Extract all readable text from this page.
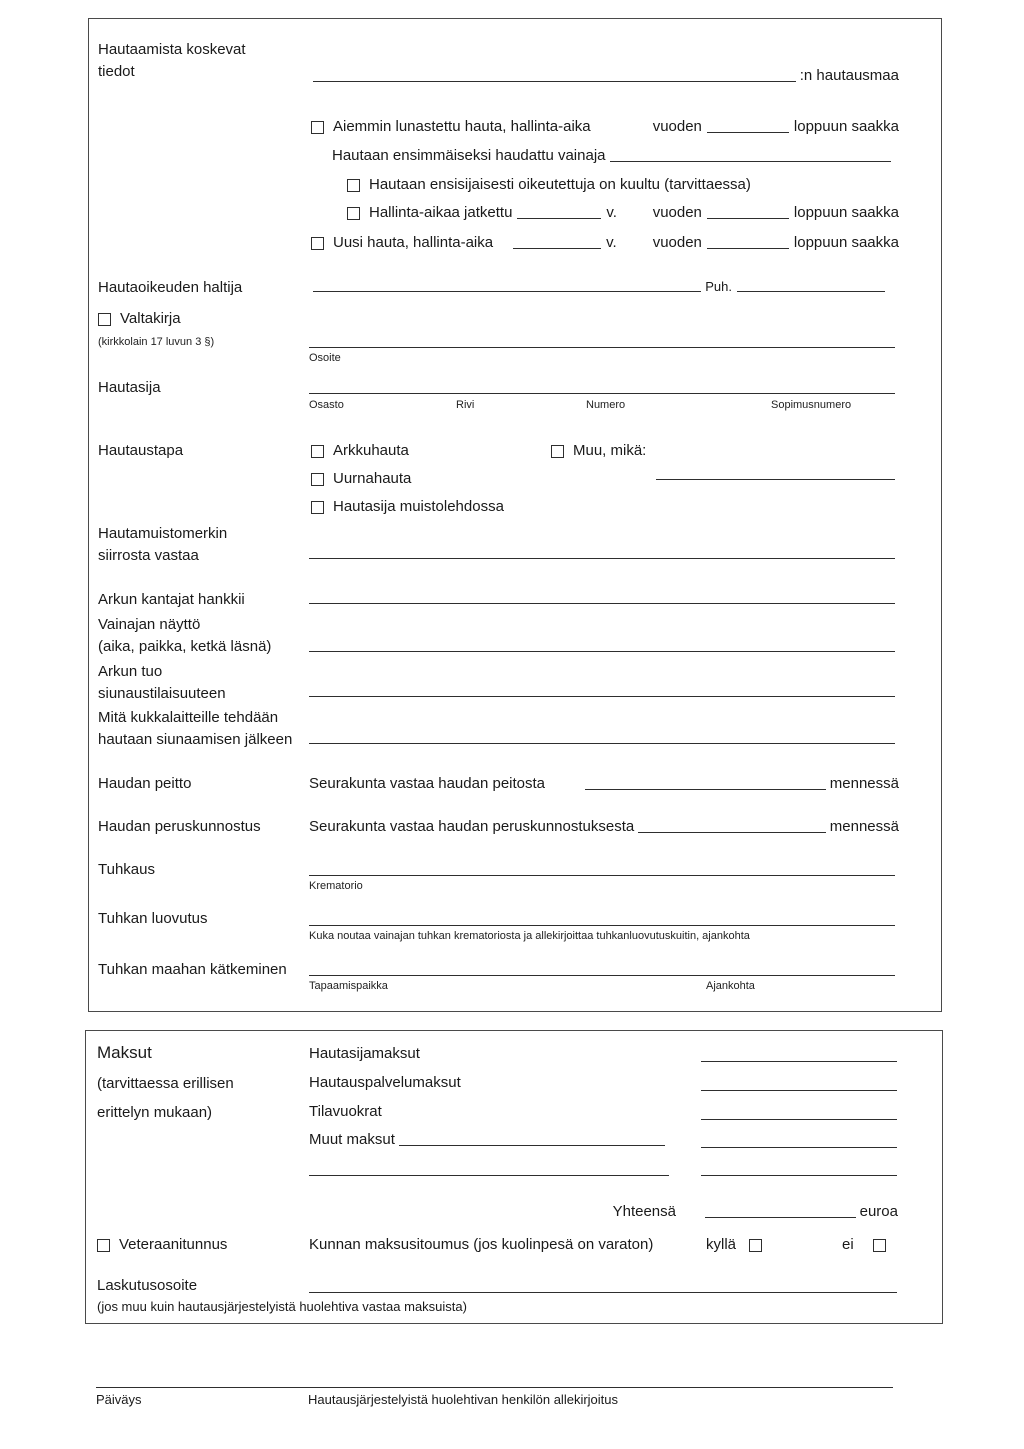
Hautaamista koskevat
tiedot	:n hautausmaa
Aiemmin lunastettu hauta, hallinta-aika	vuoden	loppuun saakka
Hautaan ensimmäiseksi haudattu vainaja
Hautaan ensisijaisesti oikeutettuja on kuultu (tarvittaessa)
Hallinta-aikaa jatkettu	v. vuoden	loppuun saakka
Uusi hauta, hallinta-aika	v. vuoden	loppuun saakka
Hautaoikeuden haltija	Puh.
Valtakirja
(kirkkolain 17 luvun 3 §)
Osoite
Hautasija
Osasto	Rivi	Numero	Sopimusnumero
Hautaustapa	Arkkuhauta	Muu, mikä:
Uurnahauta
Hautasija muistolehdossa
Hautamuistomerkin
siirrosta vastaa
Arkun kantajat hankkii
Vainajan näyttö
(aika, paikka, ketkä läsnä)
Arkun tuo
siunaustilaisuuteen
Mitä kukkalaitteille tehdään
hautaan siunaamisen jälkeen
Haudan peitto	Seurakunta vastaa haudan peitosta	mennessä
Haudan peruskunnostus	Seurakunta vastaa haudan peruskunnostuksesta	mennessä
Tuhkaus
Krematorio
Tuhkan luovutus
Kuka noutaa vainajan tuhkan krematoriosta ja allekirjoittaa tuhkanluovutuskuitin, ajankohta
Tuhkan maahan kätkeminen
Tapaamispaikka	Ajankohta
Maksut
(tarvittaessa erillisen
erittelyn mukaan)
Hautasijamaksut
Hautauspalvelumaksut
Tilavuokrat
Muut maksut
Yhteensä	euroa
Veteraanitunnus	Kunnan maksusitoumus (jos kuolinpesä on varaton)	kyllä	ei
Laskutusosoite
(jos muu kuin hautausjärjestelyistä huolehtiva vastaa maksuista)
Päiväys	Hautausjärjestelyistä huolehtivan henkilön allekirjoitus
